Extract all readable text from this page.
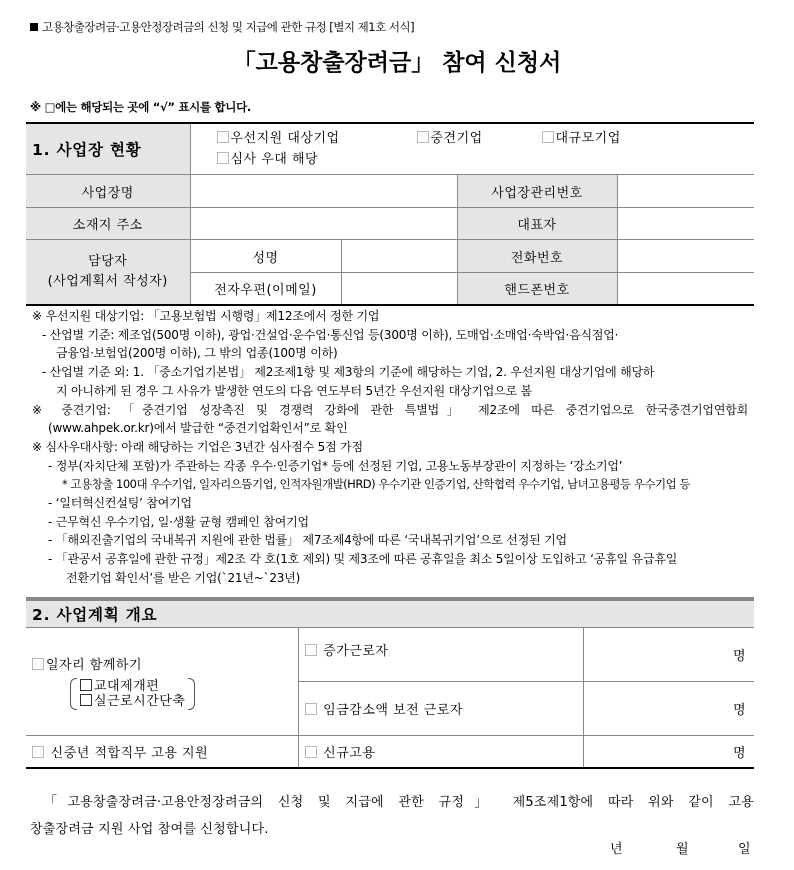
고용창출장려금·고용안정장려금의 신청 및 지급에 관한 규정 [별지 제1호 서식]
「고용창출장려금」 참여 신청서
※ □에는 해당되는 곳에 “√” 표시를 합니다.
1. 사업장 현황	우선지원 대상기업 중견기업 대규모기업
심사 우대 해당			
사업장명			사업장관리번호	
소재지 주소			대표자	

담당자
(사업계획서 작성자)	성명		전화번호	
	전자우편(이메일)		핸드폰번호	
※ 우선지원 대상기업: 「고용보험법 시행령」제12조에서 정한 기업
- 산업별 기준: 제조업(500명 이하), 광업·건설업·운수업·통신업 등(300명 이하), 도매업·소매업·숙박업·음식점업·
금융업·보험업(200명 이하), 그 밖의 업종(100명 이하)
- 산업별 기준 외: 1. 「중소기업기본법」 제2조제1항 및 제3항의 기준에 해당하는 기업, 2. 우선지원 대상기업에 해당하
지 아니하게 된 경우 그 사유가 발생한 연도의 다음 연도부터 5년간 우선지원 대상기업으로 봄
※ 중견기업: 「중견기업 성장촉진 및 경쟁력 강화에 관한 특별법」 제2조에 따른 중견기업으로 한국중견기업연합회
(www.ahpek.or.kr)에서 발급한 “중견기업확인서”로 확인
※ 심사우대사항: 아래 해당하는 기업은 3년간 심사점수 5점 가점
- 정부(자치단체 포함)가 주관하는 각종 우수·인증기업* 등에 선정된 기업, 고용노동부장관이 지정하는 ‘강소기업’
* 고용창출 100대 우수기업, 일자리으뜸기업, 인적자원개발(HRD) 우수기관 인증기업, 산학협력 우수기업, 남녀고용평등 우수기업 등
- ‘일터혁신컨설팅’ 참여기업
- 근무혁신 우수기업, 일·생활 균형 캠페인 참여기업
- 「해외진출기업의 국내복귀 지원에 관한 법률」 제7조제4항에 따른 ‘국내복귀기업’으로 선정된 기업
- 「관공서 공휴일에 관한 규정」제2조 각 호(1호 제외) 및 제3조에 따른 공휴일을 최소 5일이상 도입하고 ‘공휴일 유급휴일
전환기업 확인서’를 받은 기업(`21년~`23년)
2. 사업계획 개요		

일자리 함께하기
교대제개편
실근로시간단축	증가근로자	명
	임금감소액 보전 근로자	명
신중년 적합직무 고용 지원	신규고용	명
「고용창출장려금·고용안정장려금의 신청 및 지급에 관한 규정」 제5조제1항에 따라 위와 같이 고용
창출장려금 지원 사업 참여를 신청합니다.
년	월	일
